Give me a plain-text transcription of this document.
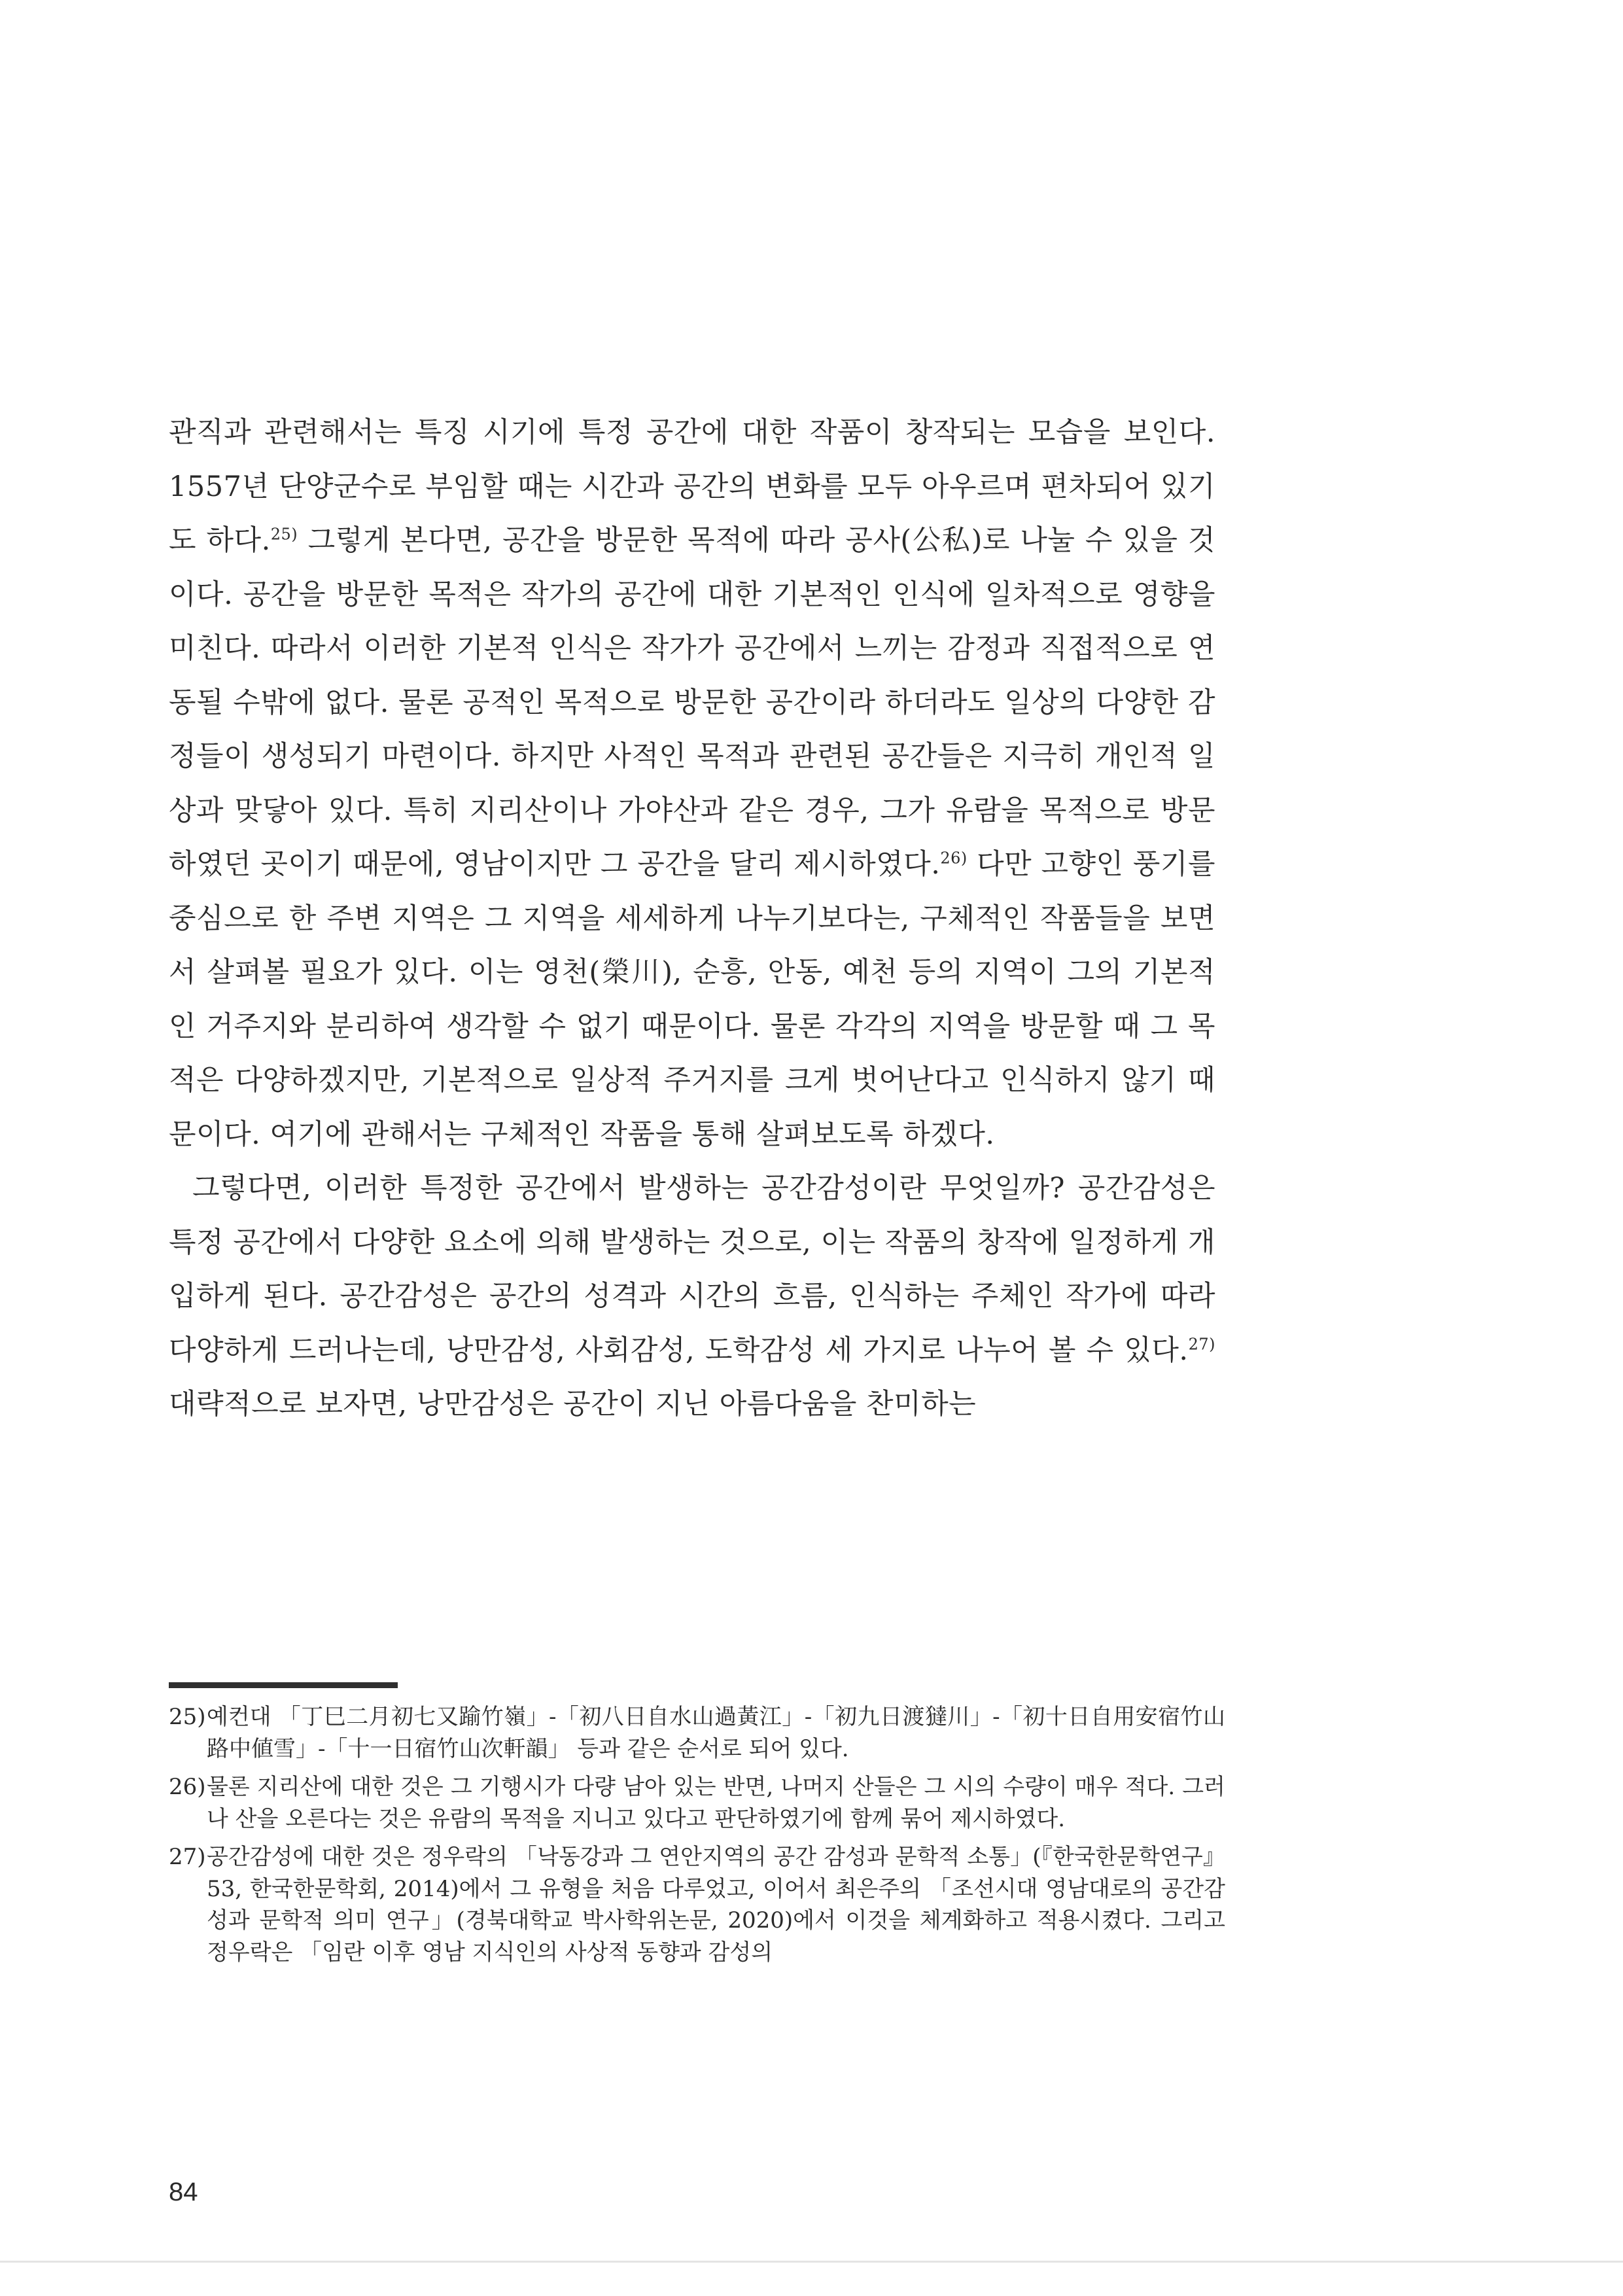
관직과 관련해서는 특징 시기에 특정 공간에 대한 작품이 창작되는 모습을 보인다. 1557년 단양군수로 부임할 때는 시간과 공간의 변화를 모두 아우르며 편차되어 있기도 하다.$^{25)}$ 그렇게 본다면, 공간을 방문한 목적에 따라 공사(公私)로 나눌 수 있을 것이다. 공간을 방문한 목적은 작가의 공간에 대한 기본적인 인식에 일차적으로 영향을 미친다. 따라서 이러한 기본적 인식은 작가가 공간에서 느끼는 감정과 직접적으로 연동될 수밖에 없다. 물론 공적인 목적으로 방문한 공간이라 하더라도 일상의 다양한 감정들이 생성되기 마련이다. 하지만 사적인 목적과 관련된 공간들은 지극히 개인적 일상과 맞닿아 있다. 특히 지리산이나 가야산과 같은 경우, 그가 유람을 목적으로 방문하였던 곳이기 때문에, 영남이지만 그 공간을 달리 제시하였다.$^{26)}$ 다만 고향인 풍기를 중심으로 한 주변 지역은 그 지역을 세세하게 나누기보다는, 구체적인 작품들을 보면서 살펴볼 필요가 있다. 이는 영천(榮川), 순흥, 안동, 예천 등의 지역이 그의 기본적인 거주지와 분리하여 생각할 수 없기 때문이다. 물론 각각의 지역을 방문할 때 그 목적은 다양하겠지만, 기본적으로 일상적 주거지를 크게 벗어난다고 인식하지 않기 때문이다. 여기에 관해서는 구체적인 작품을 통해 살펴보도록 하겠다.

그렇다면, 이러한 특정한 공간에서 발생하는 공간감성이란 무엇일까? 공간감성은 특정 공간에서 다양한 요소에 의해 발생하는 것으로, 이는 작품의 창작에 일정하게 개입하게 된다. 공간감성은 공간의 성격과 시간의 흐름, 인식하는 주체인 작가에 따라 다양하게 드러나는데, 낭만감성, 사회감성, 도학감성 세 가지로 나누어 볼 수 있다.$^{27)}$ 대략적으로 보자면, 낭만감성은 공간이 지닌 아름다움을 찬미하는

25) 예컨대 「丁巳二月初七又踰竹嶺」-「初八日自水山過黃江」-「初九日渡㺚川」-「初十日自用安宿竹山路中値雪」-「十一日宿竹山次軒韻」 등과 같은 순서로 되어 있다.
26) 물론 지리산에 대한 것은 그 기행시가 다량 남아 있는 반면, 나머지 산들은 그 시의 수량이 매우 적다. 그러나 산을 오른다는 것은 유람의 목적을 지니고 있다고 판단하였기에 함께 묶어 제시하였다.
27) 공간감성에 대한 것은 정우락의 「낙동강과 그 연안지역의 공간 감성과 문학적 소통」(『한국한문학연구』 53, 한국한문학회, 2014)에서 그 유형을 처음 다루었고, 이어서 최은주의 「조선시대 영남대로의 공간감성과 문학적 의미 연구」(경북대학교 박사학위논문, 2020)에서 이것을 체계화하고 적용시켰다. 그리고 정우락은 「임란 이후 영남 지식인의 사상적 동향과 감성의
84
